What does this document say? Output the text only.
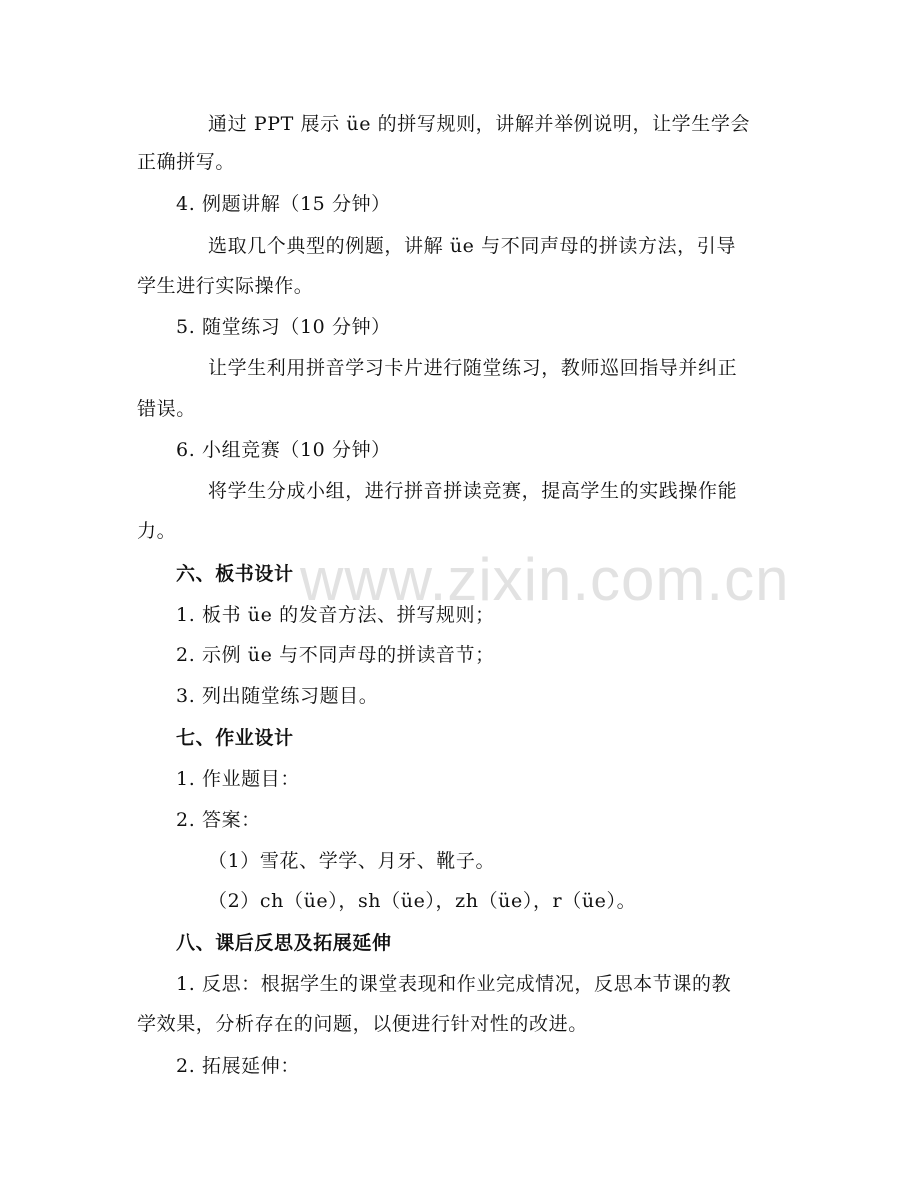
www.zixin.com.cn
通过 PPT 展示 üe 的拼写规则，讲解并举例说明，让学生学会
正确拼写。
4. 例题讲解（15 分钟）
选取几个典型的例题，讲解 üe 与不同声母的拼读方法，引导
学生进行实际操作。
5. 随堂练习（10 分钟）
让学生利用拼音学习卡片进行随堂练习，教师巡回指导并纠正
错误。
6. 小组竞赛（10 分钟）
将学生分成小组，进行拼音拼读竞赛，提高学生的实践操作能
力。
六、板书设计
1. 板书 üe 的发音方法、拼写规则；
2. 示例 üe 与不同声母的拼读音节；
3. 列出随堂练习题目。
七、作业设计
1. 作业题目：
2. 答案：
（1）雪花、学学、月牙、靴子。
（2）ch（üe），sh（üe），zh（üe），r（üe）。
八、课后反思及拓展延伸
1. 反思：根据学生的课堂表现和作业完成情况，反思本节课的教
学效果，分析存在的问题，以便进行针对性的改进。
2. 拓展延伸：
